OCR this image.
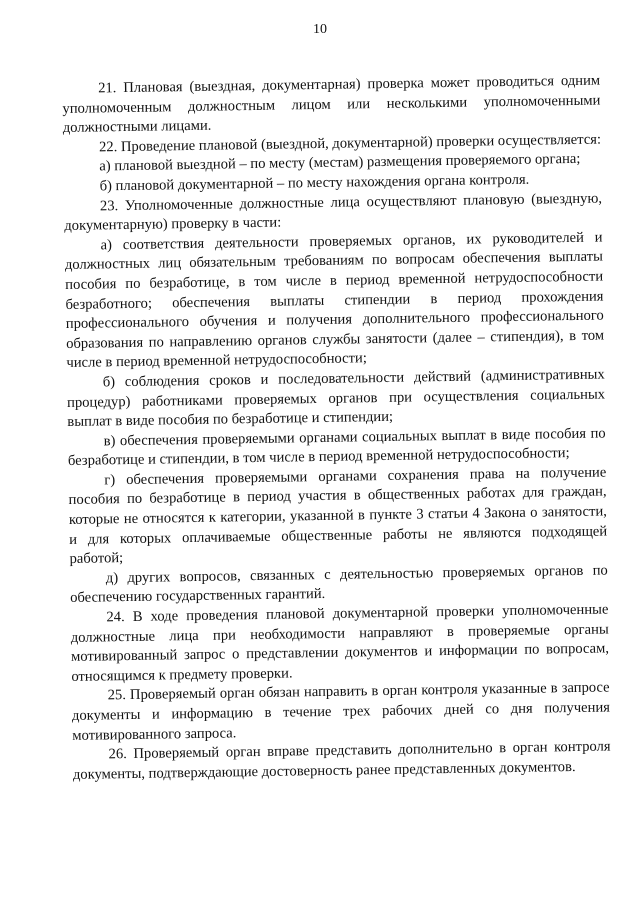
10

21. Плановая (выездная, документарная) проверка может проводиться одним уполномоченным должностным лицом или несколькими уполномоченными должностными лицами.

22. Проведение плановой (выездной, документарной) проверки осуществляется:

а) плановой выездной – по месту (местам) размещения проверяемого органа;

б) плановой документарной – по месту нахождения органа контроля.

23. Уполномоченные должностные лица осуществляют плановую (выездную, документарную) проверку в части:

а) соответствия деятельности проверяемых органов, их руководителей и должностных лиц обязательным требованиям по вопросам обеспечения выплаты пособия по безработице, в том числе в период временной нетрудоспособности безработного; обеспечения выплаты стипендии в период прохождения профессионального обучения и получения дополнительного профессионального образования по направлению органов службы занятости (далее – стипендия), в том числе в период временной нетрудоспособности;

б) соблюдения сроков и последовательности действий (административных процедур) работниками проверяемых органов при осуществления социальных выплат в виде пособия по безработице и стипендии;

в) обеспечения проверяемыми органами социальных выплат в виде пособия по безработице и стипендии, в том числе в период временной нетрудоспособности;

г) обеспечения проверяемыми органами сохранения права на получение пособия по безработице в период участия в общественных работах для граждан, которые не относятся к категории, указанной в пункте 3 статьи 4 Закона о занятости, и для которых оплачиваемые общественные работы не являются подходящей работой;

д) других вопросов, связанных с деятельностью проверяемых органов по обеспечению государственных гарантий.

24. В ходе проведения плановой документарной проверки уполномоченные должностные лица при необходимости направляют в проверяемые органы мотивированный запрос о представлении документов и информации по вопросам, относящимся к предмету проверки.

25. Проверяемый орган обязан направить в орган контроля указанные в запросе документы и информацию в течение трех рабочих дней со дня получения мотивированного запроса.

26. Проверяемый орган вправе представить дополнительно в орган контроля документы, подтверждающие достоверность ранее представленных документов.
